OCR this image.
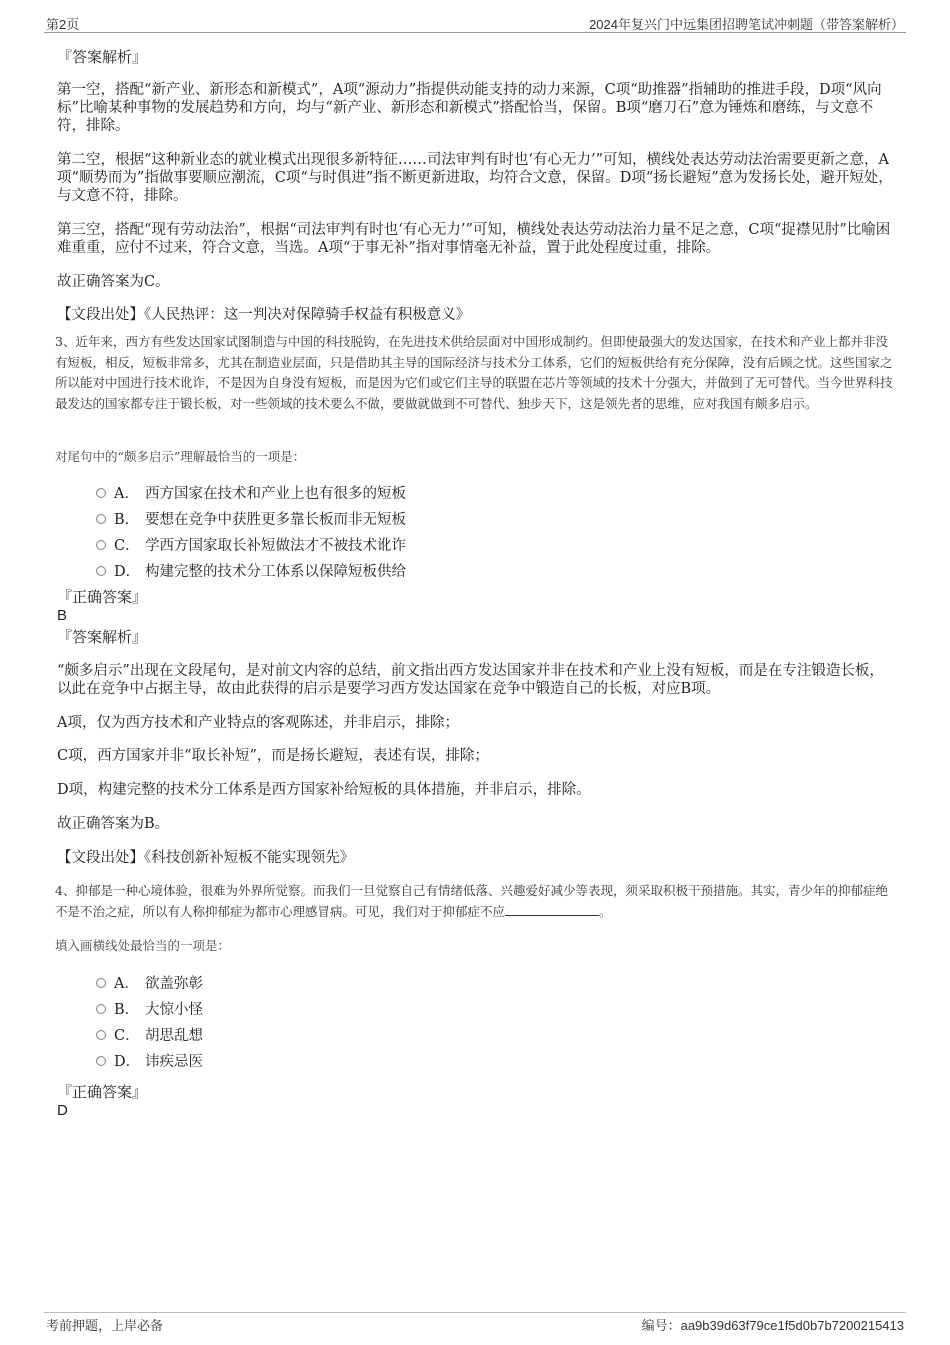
第2页	2024年复兴门中远集团招聘笔试冲刺题（带答案解析）

『答案解析』

第一空，搭配“新产业、新形态和新模式”，A项“源动力”指提供动能支持的动力来源，C项“助推器”指辅助的推进手段，D项“风向标”比喻某种事物的发展趋势和方向，均与“新产业、新形态和新模式”搭配恰当，保留。B项“磨刀石”意为锤炼和磨练，与文意不符，排除。

第二空，根据“这种新业态的就业模式出现很多新特征……司法审判有时也‘有心无力’”可知，横线处表达劳动法治需要更新之意，A项“顺势而为”指做事要顺应潮流，C项“与时俱进”指不断更新进取，均符合文意，保留。D项“扬长避短”意为发扬长处，避开短处，与文意不符，排除。

第三空，搭配“现有劳动法治”，根据“司法审判有时也‘有心无力’”可知，横线处表达劳动法治力量不足之意，C项“捉襟见肘”比喻困难重重，应付不过来，符合文意，当选。A项“于事无补”指对事情毫无补益，置于此处程度过重，排除。

故正确答案为C。

【文段出处】《人民热评：这一判决对保障骑手权益有积极意义》

3、近年来，西方有些发达国家试图制造与中国的科技脱钩，在先进技术供给层面对中国形成制约。但即使最强大的发达国家，在技术和产业上都并非没有短板，相反，短板非常多，尤其在制造业层面，只是借助其主导的国际经济与技术分工体系，它们的短板供给有充分保障，没有后顾之忧。这些国家之所以能对中国进行技术讹诈，不是因为自身没有短板，而是因为它们或它们主导的联盟在芯片等领域的技术十分强大，并做到了无可替代。当今世界科技最发达的国家都专注于锻长板，对一些领域的技术要么不做，要做就做到不可替代、独步天下，这是领先者的思维，应对我国有颇多启示。

对尾句中的“颇多启示”理解最恰当的一项是：

A． 西方国家在技术和产业上也有很多的短板
B． 要想在竞争中获胜更多靠长板而非无短板
C． 学西方国家取长补短做法才不被技术讹诈
D． 构建完整的技术分工体系以保障短板供给

『正确答案』

B

『答案解析』

“颇多启示”出现在文段尾句，是对前文内容的总结，前文指出西方发达国家并非在技术和产业上没有短板，而是在专注锻造长板，以此在竞争中占据主导，故由此获得的启示是要学习西方发达国家在竞争中锻造自己的长板，对应B项。

A项，仅为西方技术和产业特点的客观陈述，并非启示，排除；

C项，西方国家并非“取长补短”，而是扬长避短，表述有误，排除；

D项，构建完整的技术分工体系是西方国家补给短板的具体措施，并非启示，排除。

故正确答案为B。

【文段出处】《科技创新补短板不能实现领先》

4、抑郁是一种心境体验，很难为外界所觉察。而我们一旦觉察自己有情绪低落、兴趣爱好减少等表现，须采取积极干预措施。其实，青少年的抑郁症绝不是不治之症，所以有人称抑郁症为都市心理感冒病。可见，我们对于抑郁症不应	。

填入画横线处最恰当的一项是：

A． 欲盖弥彰
B． 大惊小怪
C． 胡思乱想
D． 讳疾忌医

『正确答案』

D

考前押题，上岸必备	编号：aa9b39d63f79ce1f5d0b7b7200215413
